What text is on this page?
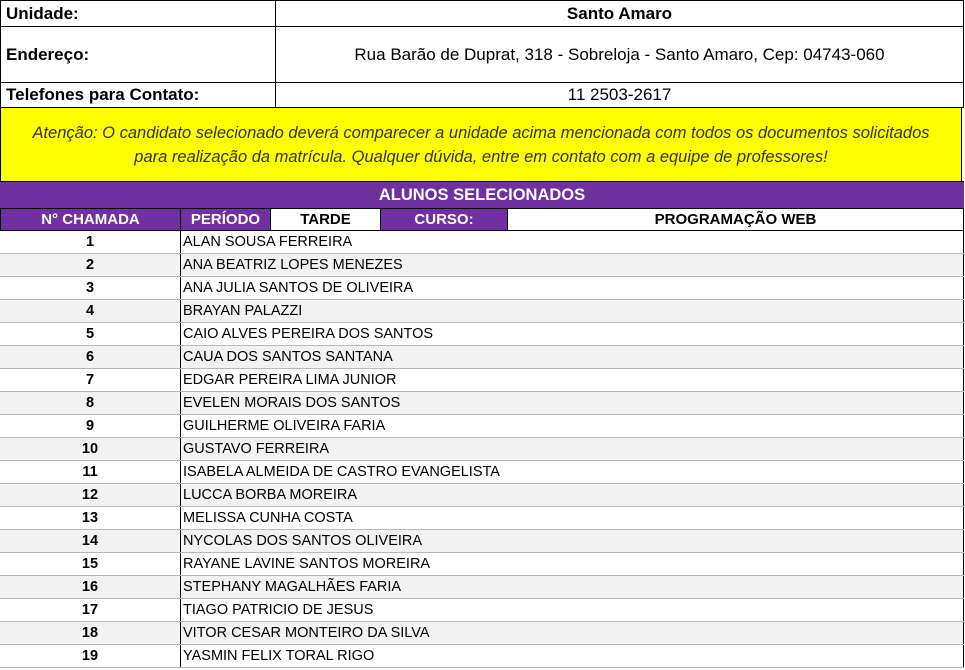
Unidade:	Santo Amaro
Endereço:	Rua Barão de Duprat, 318 - Sobreloja - Santo Amaro, Cep: 04743-060
Telefones para Contato:	11 2503-2617
Atenção: O candidato selecionado deverá comparecer a unidade acima mencionada com todos os documentos solicitados para realização da matrícula. Qualquer dúvida, entre em contato com a equipe de professores!
ALUNOS SELECIONADOS
N° CHAMADA	PERÍODO	TARDE	CURSO:	PROGRAMAÇÃO WEB
1	ALAN SOUSA FERREIRA
2	ANA BEATRIZ LOPES MENEZES
3	ANA JULIA SANTOS DE OLIVEIRA
4	BRAYAN PALAZZI
5	CAIO ALVES PEREIRA DOS SANTOS
6	CAUA DOS SANTOS SANTANA
7	EDGAR PEREIRA LIMA JUNIOR
8	EVELEN MORAIS DOS SANTOS
9	GUILHERME OLIVEIRA FARIA
10	GUSTAVO FERREIRA
11	ISABELA ALMEIDA DE CASTRO EVANGELISTA
12	LUCCA BORBA MOREIRA
13	MELISSA CUNHA COSTA
14	NYCOLAS DOS SANTOS OLIVEIRA
15	RAYANE LAVINE SANTOS MOREIRA
16	STEPHANY MAGALHÃES FARIA
17	TIAGO PATRICIO DE JESUS
18	VITOR CESAR MONTEIRO DA SILVA
19	YASMIN FELIX TORAL RIGO
